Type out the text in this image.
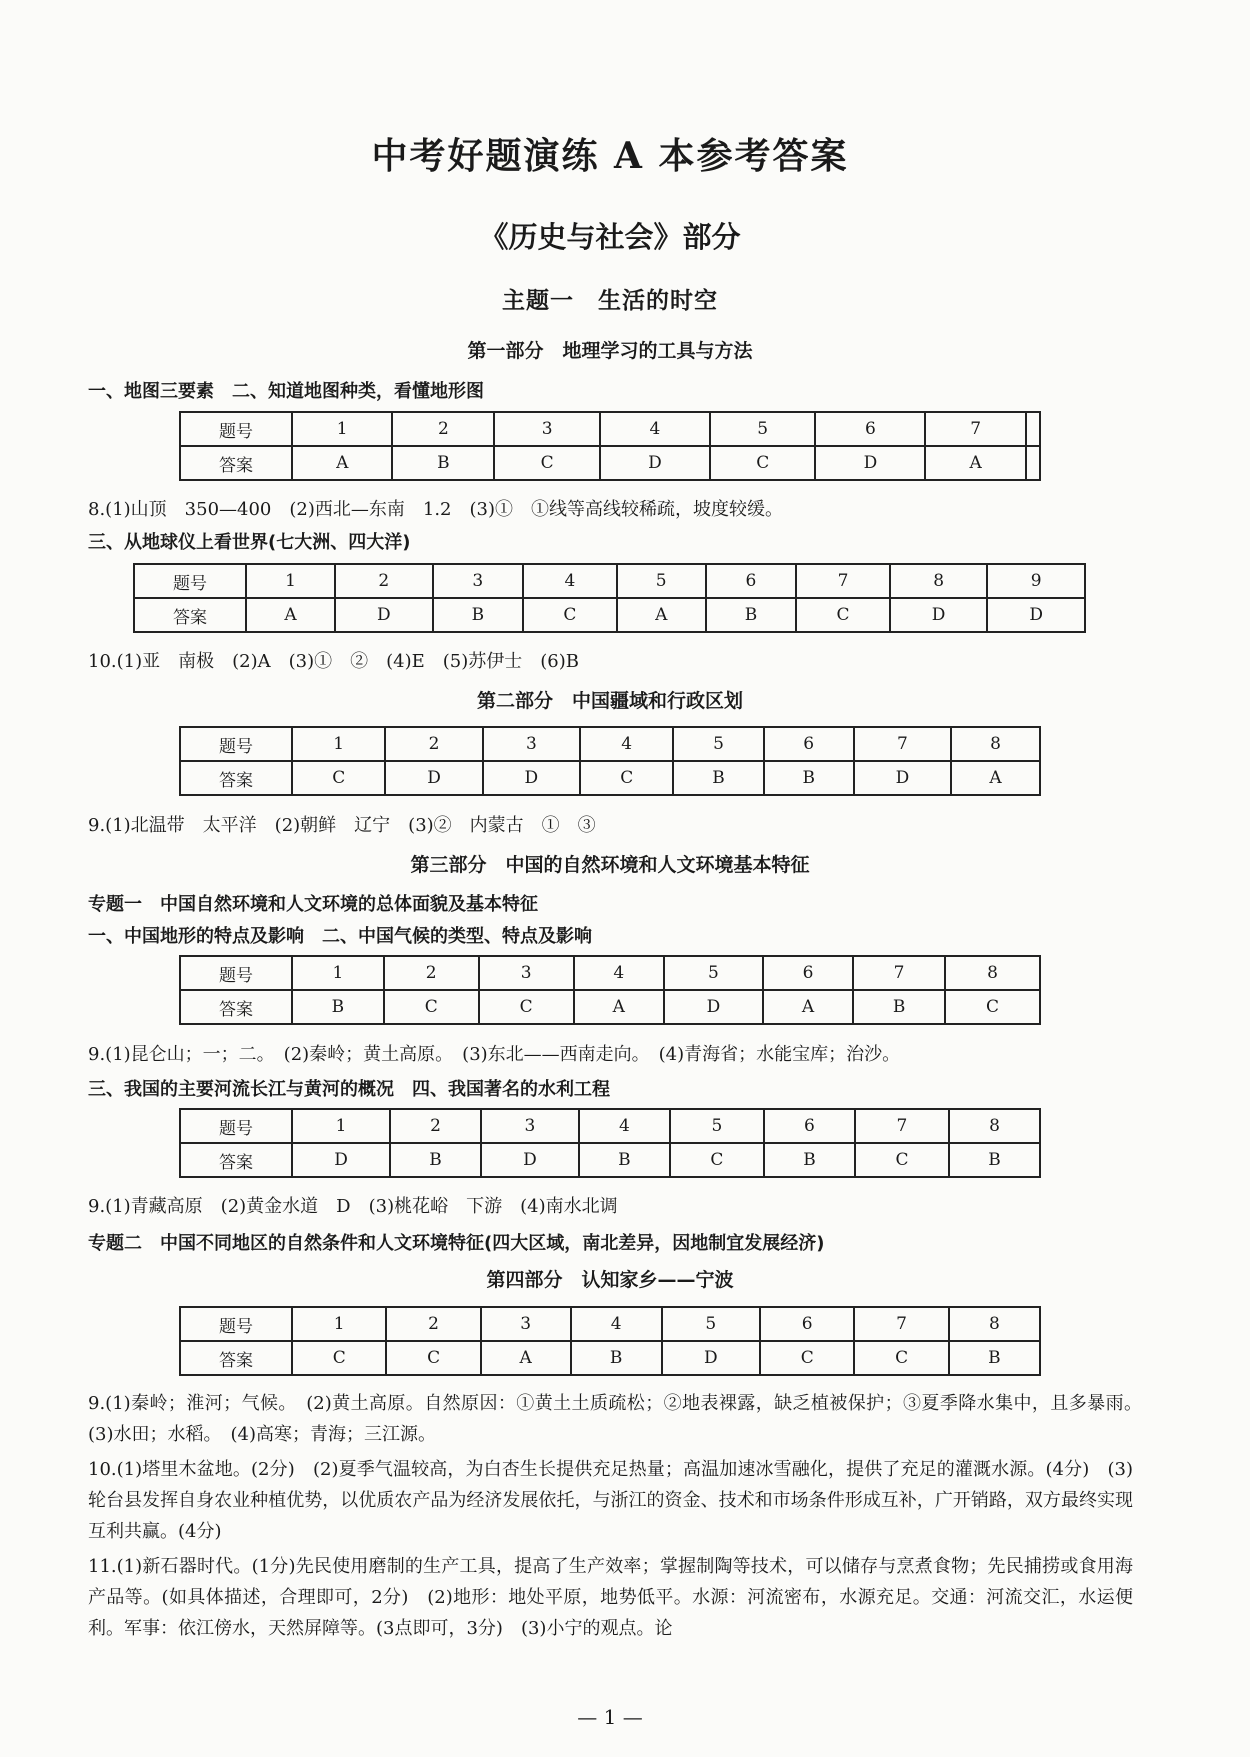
中考好题演练 A 本参考答案
《历史与社会》部分
主题一　生活的时空
第一部分　地理学习的工具与方法
一、地图三要素　二、知道地图种类，看懂地形图
题号	1	2	3	4	5	6	7	
答案	A	B	C	D	C	D	A	
8.(1)山顶　350—400　(2)西北—东南　1.2　(3)①　①线等高线较稀疏，坡度较缓。
三、从地球仪上看世界(七大洲、四大洋)
题号	1	2	3	4	5	6	7	8	9
答案	A	D	B	C	A	B	C	D	D
10.(1)亚　南极　(2)A　(3)①　②　(4)E　(5)苏伊士　(6)B
第二部分　中国疆域和行政区划
题号	1	2	3	4	5	6	7	8
答案	C	D	D	C	B	B	D	A
9.(1)北温带　太平洋　(2)朝鲜　辽宁　(3)②　内蒙古　①　③
第三部分　中国的自然环境和人文环境基本特征
专题一　中国自然环境和人文环境的总体面貌及基本特征
一、中国地形的特点及影响　二、中国气候的类型、特点及影响
题号	1	2	3	4	5	6	7	8
答案	B	C	C	A	D	A	B	C
9.(1)昆仑山；一；二。　(2)秦岭；黄土高原。　(3)东北——西南走向。　(4)青海省；水能宝库；治沙。
三、我国的主要河流长江与黄河的概况　四、我国著名的水利工程
题号	1	2	3	4	5	6	7	8
答案	D	B	D	B	C	B	C	B
9.(1)青藏高原　(2)黄金水道　D　(3)桃花峪　下游　(4)南水北调
专题二　中国不同地区的自然条件和人文环境特征(四大区域，南北差异，因地制宜发展经济)
第四部分　认知家乡——宁波
题号	1	2	3	4	5	6	7	8
答案	C	C	A	B	D	C	C	B
9.(1)秦岭；淮河；气候。　(2)黄土高原。自然原因：①黄土土质疏松；②地表裸露，缺乏植被保护；③夏季降水集中，且多暴雨。　(3)水田；水稻。　(4)高寒；青海；三江源。
10.(1)塔里木盆地。(2分)　(2)夏季气温较高，为白杏生长提供充足热量；高温加速冰雪融化，提供了充足的灌溉水源。(4分)　(3)轮台县发挥自身农业种植优势，以优质农产品为经济发展依托，与浙江的资金、技术和市场条件形成互补，广开销路，双方最终实现互利共赢。(4分)
11.(1)新石器时代。(1分)先民使用磨制的生产工具，提高了生产效率；掌握制陶等技术，可以储存与烹煮食物；先民捕捞或食用海产品等。(如具体描述，合理即可，2分)　(2)地形：地处平原，地势低平。水源：河流密布，水源充足。交通：河流交汇，水运便利。军事：依江傍水，天然屏障等。(3点即可，3分)　(3)小宁的观点。论
— 1 —
